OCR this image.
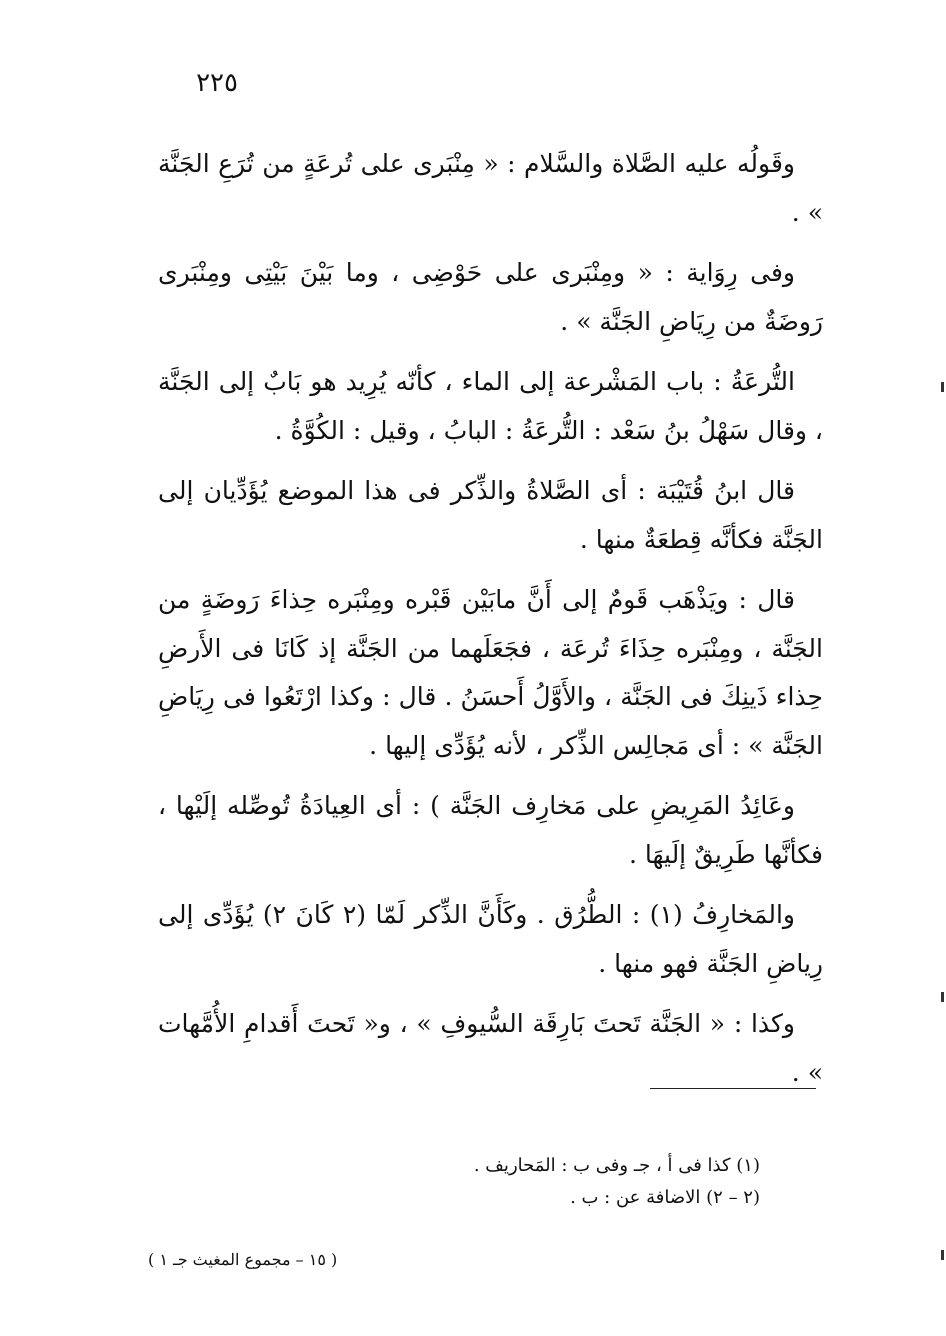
٢٢٥

وقَولُه عليه الصَّلاة والسَّلام : « مِنْبَرى على تُرعَةٍ من تُرَعِ الجَنَّة » .

وفى رِوَاية : « ومِنْبَرى على حَوْضِى ، وما بَيْنَ بَيْتِى ومِنْبَرى رَوضَةٌ من رِيَاضِ الجَنَّة » .

التُّرعَةُ : باب المَشْرعة إلى الماء ، كأنّه يُرِيد هو بَابٌ إلى الجَنَّة ، وقال سَهْلُ بنُ سَعْد : التُّرعَةُ : البابُ ، وقيل : الكُوَّةُ .

قال ابنُ قُتَيْبَة : أى الصَّلاةُ والذِّكر فى هذا الموضع يُؤَدِّيان إلى الجَنَّة فكأنَّه قِطعَةٌ منها .

قال : ويَذْهَب قَومٌ إلى أَنَّ مابَيْن قَبْره ومِنْبَره حِذاءَ رَوضَةٍ من الجَنَّة ، ومِنْبَره حِذَاءَ تُرعَة ، فجَعَلَهما من الجَنَّة إذ كَانَا فى الأَرضِ حِذاء ذَينِكَ فى الجَنَّة ، والأَوَّلُ أَحسَنُ . قال : وكذا ارْتَعُوا فى رِيَاضِ الجَنَّة » : أى مَجالِس الذِّكر ، لأنه يُؤَدِّى إليها .

وعَائِدُ المَرِيضِ على مَخارِف الجَنَّة ) : أى العِيادَةُ تُوصِّله إلَيْها ، فكأنَّها طَرِيقٌ إلَيهَا .

والمَخارِفُ (١) : الطُّرُق . وكَأَنَّ الذِّكر لَمّا (٢ كَانَ ٢) يُؤَدِّى إلى رِياضِ الجَنَّة فهو منها .

وكذا : « الجَنَّة تَحتَ بَارِقَة السُّيوفِ » ، و« تَحتَ أَقدامِ الأُمَّهات » .

(١) كذا فى أ ، جـ وفى ب : المَحاريف .
(٢ – ٢) الاضافة عن : ب .
( ١٥ – مجموع المغيث جـ ١ )
